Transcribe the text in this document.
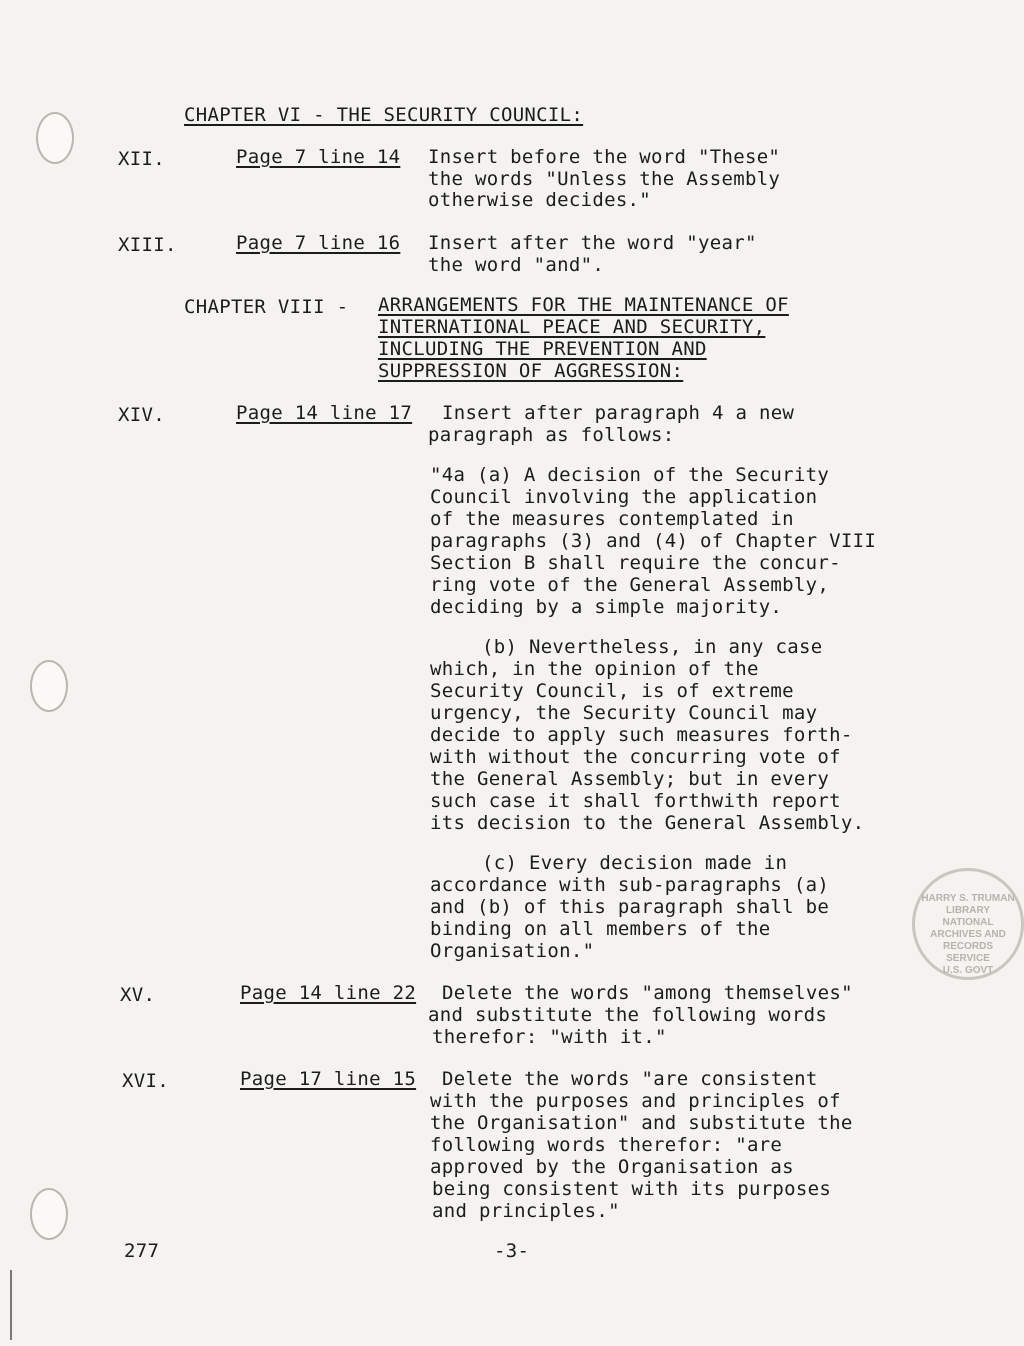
CHAPTER VI - THE SECURITY COUNCIL:
XII.	Page 7 line 14 Insert before the word "These"
the words "Unless the Assembly
otherwise decides."
XIII.	Page 7 line 16 Insert after the word "year"
the word "and".
CHAPTER VIII - ARRANGEMENTS FOR THE MAINTENANCE OF
INTERNATIONAL PEACE AND SECURITY,
INCLUDING THE PREVENTION AND
SUPPRESSION OF AGGRESSION:
XIV.	Page 14 line 17 Insert after paragraph 4 a new
paragraph as follows:
"4a (a) A decision of the Security
Council involving the application
of the measures contemplated in
paragraphs (3) and (4) of Chapter VIII
Section B shall require the concur-
ring vote of the General Assembly,
deciding by a simple majority.
(b) Nevertheless, in any case
which, in the opinion of the
Security Council, is of extreme
urgency, the Security Council may
decide to apply such measures forth-
with without the concurring vote of
the General Assembly; but in every
such case it shall forthwith report
its decision to the General Assembly.
(c) Every decision made in
accordance with sub-paragraphs (a)
and (b) of this paragraph shall be
binding on all members of the
Organisation."
XV.	Page 14 line 22 Delete the words "among themselves"
and substitute the following words
therefor: "with it."
XVI.	Page 17 line 15 Delete the words "are consistent
with the purposes and principles of
the Organisation" and substitute the
following words therefor: "are
approved by the Organisation as
being consistent with its purposes
and principles."
277	-3-
HARRY S. TRUMAN LIBRARY
NATIONAL
ARCHIVES AND
RECORDS
SERVICE
U.S. GOVT
